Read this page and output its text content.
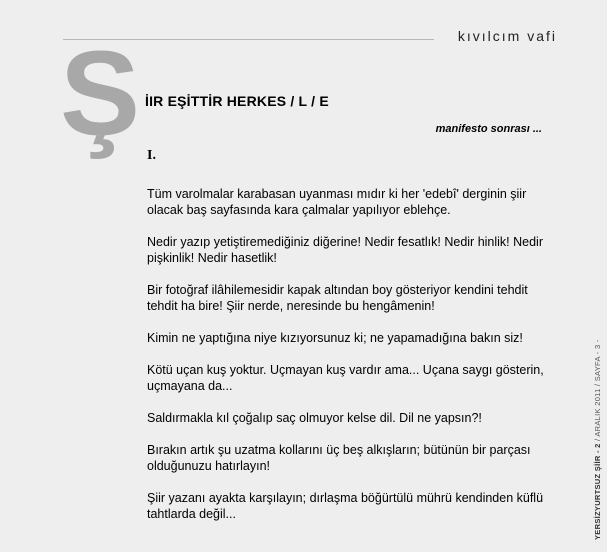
kıvılcım vafi
Ş İIR EŞİTTİR HERKES / L / E
manifesto sonrası ...
I.

Tüm varolmalar karabasan uyanması mıdır ki her 'edebî' derginin şiir olacak baş sayfasında kara çalmalar yapılıyor eblehçe.

Nedir yazıp yetiştiremediğiniz diğerine! Nedir fesatlık! Nedir hinlik! Nedir pişkinlik! Nedir hasetlik!

Bir fotoğraf ilâhilemesidir kapak altından boy gösteriyor kendini tehdit tehdit ha bire! Şiir nerde, neresinde bu hengâmenin!

Kimin ne yaptığına niye kızıyorsunuz ki; ne yapamadığına bakın siz!

Kötü uçan kuş yoktur. Uçmayan kuş vardır ama... Uçana saygı gösterin, uçmayana da...

Saldırmakla kıl çoğalıp saç olmuyor kelse dil. Dil ne yapsın?!

Bırakın artık şu uzatma kollarını üç beş alkışların; bütünün bir parçası olduğunuzu hatırlayın!

Şiir yazanı ayakta karşılayın; dırlaşma böğürtülü mührü kendinden küflü tahtlarda değil...	YERSİZYURTSUZ ŞİİR - 2 / ARALIK 2011 / SAYFA - 3 -
